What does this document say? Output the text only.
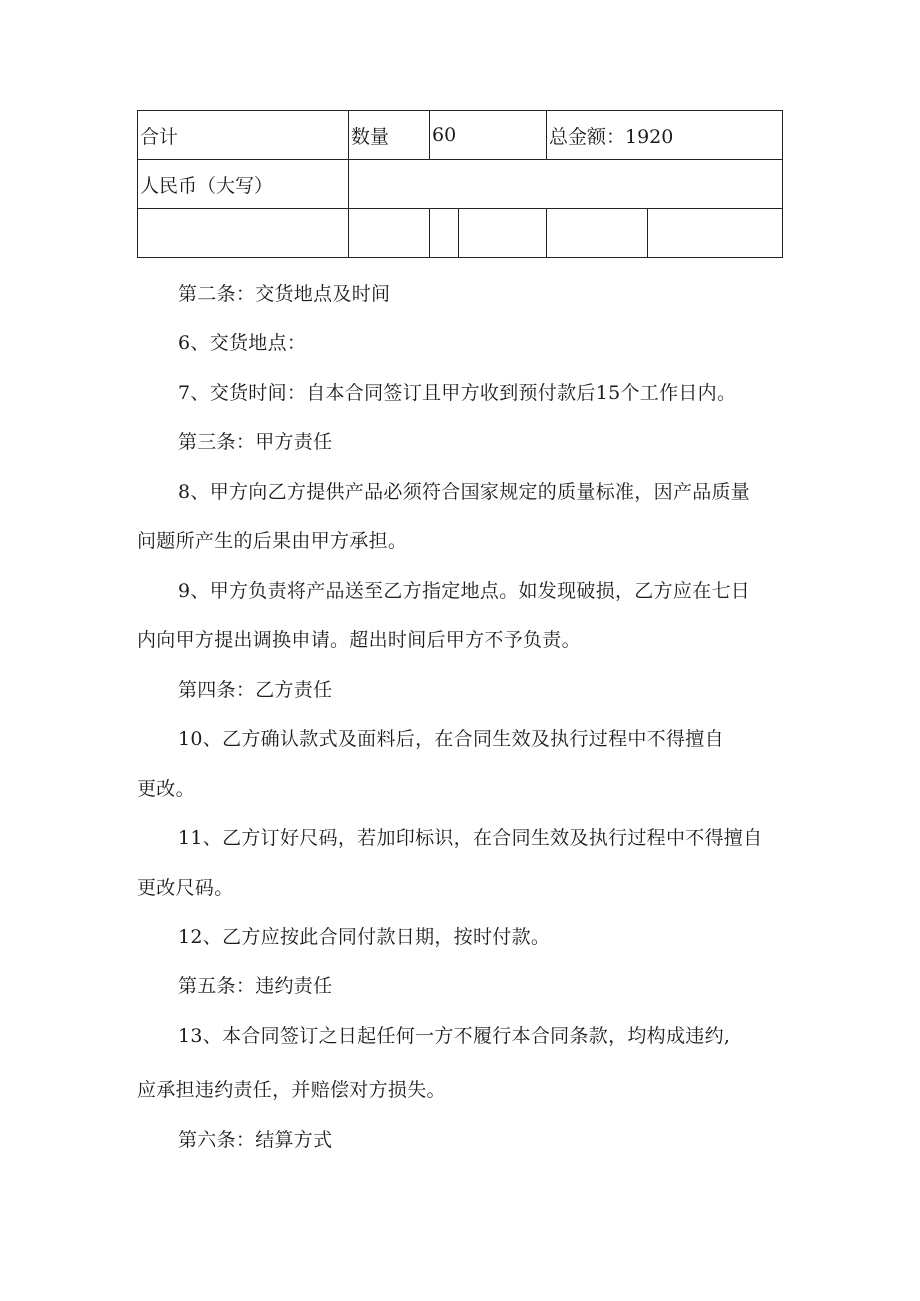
合计	数量	60		总金额：1920	
人民币（大写）					

第二条：交货地点及时间

6、交货地点：

7、交货时间：自本合同签订且甲方收到预付款后15个工作日内。

第三条：甲方责任

8、甲方向乙方提供产品必须符合国家规定的质量标准，因产品质量

问题所产生的后果由甲方承担。

9、甲方负责将产品送至乙方指定地点。如发现破损，乙方应在七日

内向甲方提出调换申请。超出时间后甲方不予负责。

第四条：乙方责任

10、乙方确认款式及面料后，在合同生效及执行过程中不得擅自

更改。

11、乙方订好尺码，若加印标识，在合同生效及执行过程中不得擅自

更改尺码。

12、乙方应按此合同付款日期，按时付款。

第五条：违约责任

13、本合同签订之日起任何一方不履行本合同条款，均构成违约,

应承担违约责任，并赔偿对方损失。

第六条：结算方式
